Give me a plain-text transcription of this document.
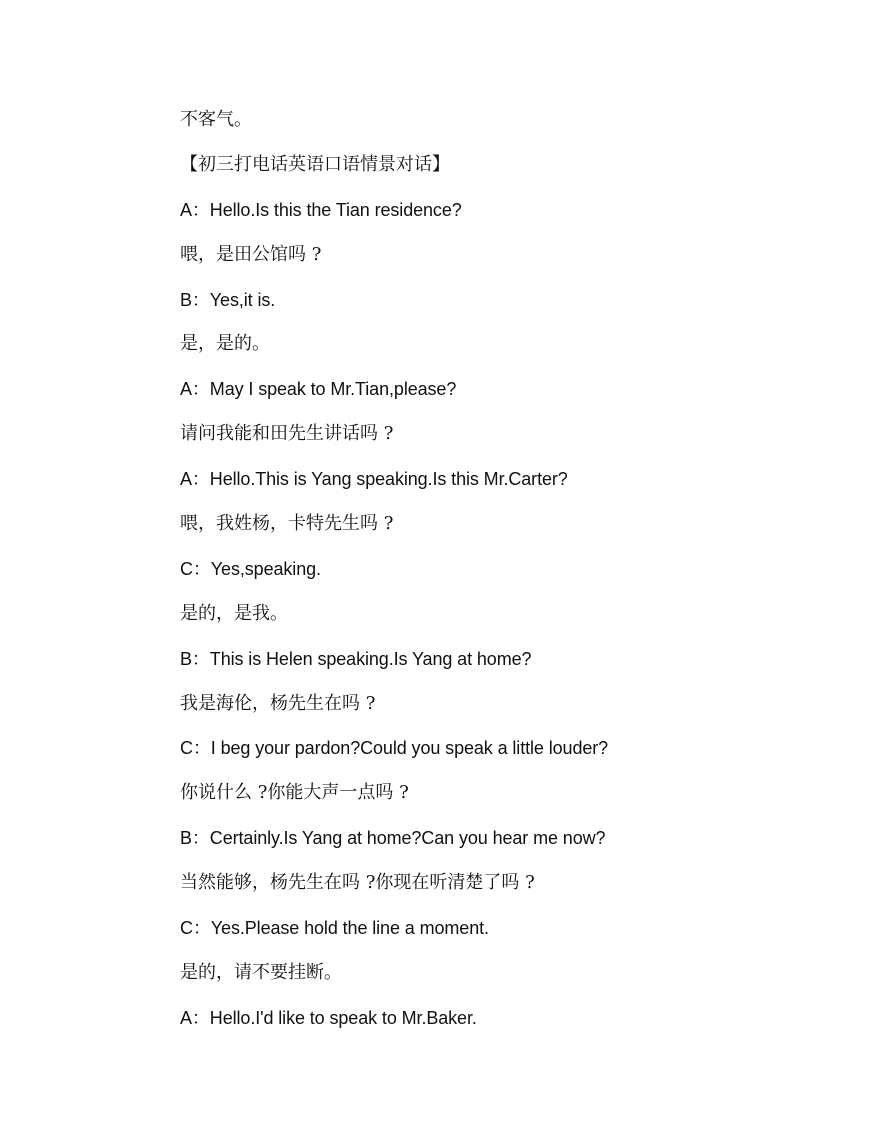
不客气。
【初三打电话英语口语情景对话】
A：Hello.Is this the Tian residence?
喂，是田公馆吗 ?
B：Yes,it is.
是，是的。
A：May I speak to Mr.Tian,please?
请问我能和田先生讲话吗 ?
A：Hello.This is Yang speaking.Is this Mr.Carter?
喂，我姓杨，卡特先生吗 ?
C：Yes,speaking.
是的，是我。
B：This is Helen speaking.Is Yang at home?
我是海伦，杨先生在吗 ?
C：I beg your pardon?Could you speak a little louder?
你说什么 ?你能大声一点吗 ?
B：Certainly.Is Yang at home?Can you hear me now?
当然能够，杨先生在吗 ?你现在听清楚了吗 ?
C：Yes.Please hold the line a moment.
是的，请不要挂断。
A：Hello.I'd like to speak to Mr.Baker.
